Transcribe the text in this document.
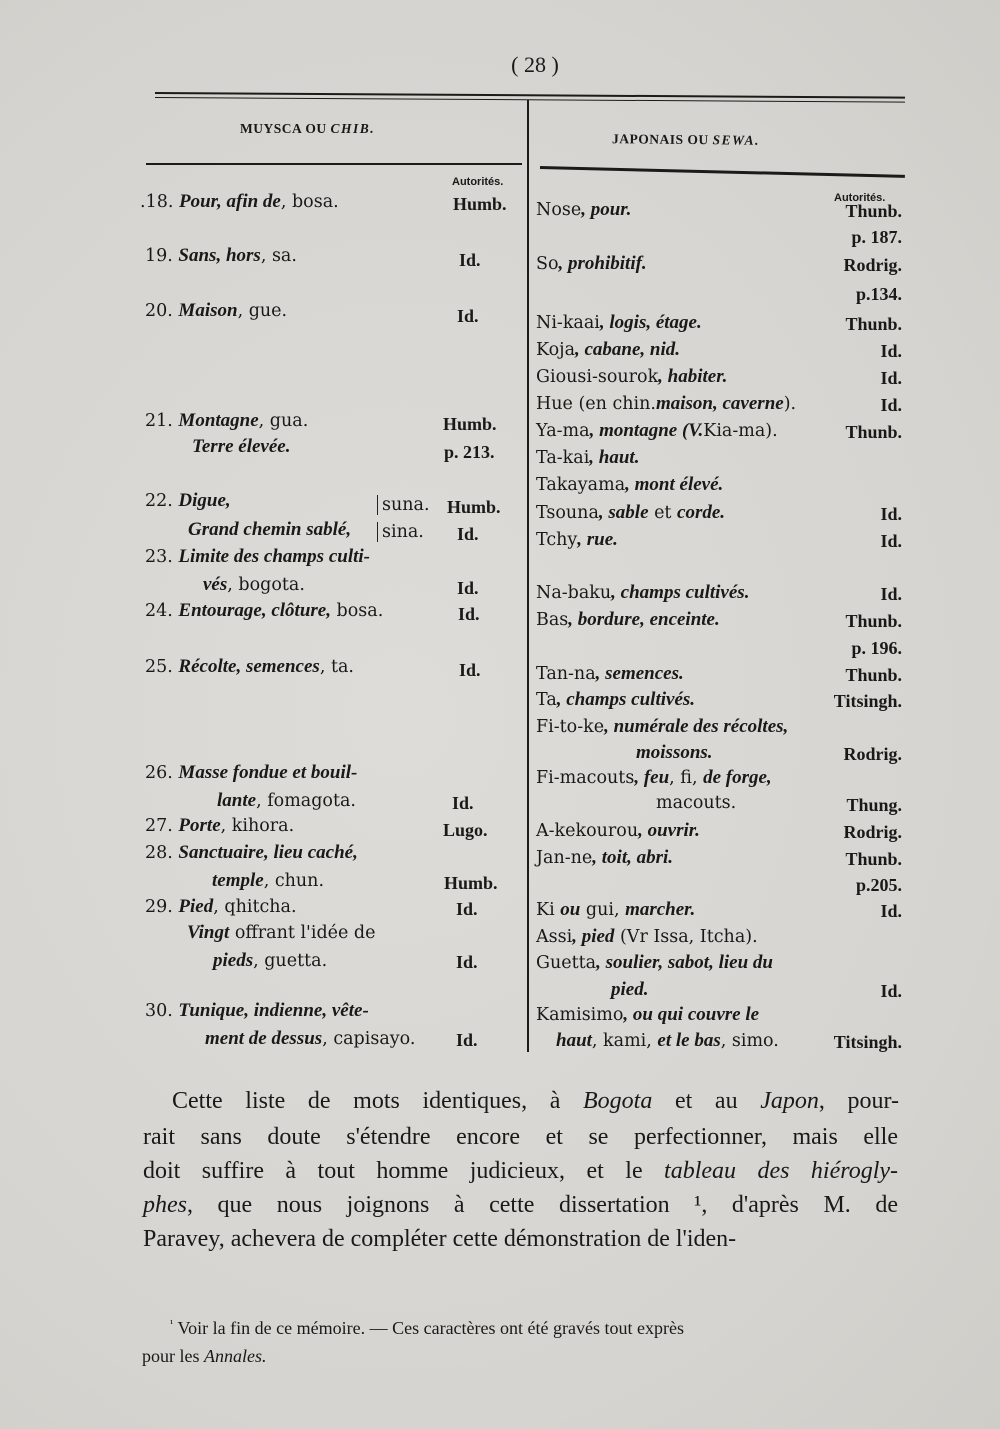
( 28 )
MUYSCA OU CHIB.
JAPONAIS OU SEWA.
Autorités.
Autorités.
.18. Pour, afin de, bosa.	Humb.
19. Sans, hors, sa.	Id.
20. Maison, gue.	Id.
21. Montagne, gua.	Humb.
Terre élevée.	p. 213.
22. Digue,	suna. Humb.
Grand chemin sablé, sina. Id.
23. Limite des champs culti-
vés, bogota.	Id.
24. Entourage, clôture, bosa.	Id.
25. Récolte, semences, ta.	Id.
26. Masse fondue et bouil-
lante, fomagota.	Id.
27. Porte, kihora.	Lugo.
28. Sanctuaire, lieu caché,
temple, chun.	Humb.
29. Pied, qhitcha.	Id.
Vingt offrant l'idée de
pieds, guetta.	Id.
30. Tunique, indienne, vête-
ment de dessus, capisayo. Id.
Nose, pour.	Thunb.
p. 187.
So, prohibitif.	Rodrig.
p.134.
Ni-kaai, logis, étage.	Thunb.
Koja, cabane, nid.	Id.
Giousi-sourok, habiter.	Id.
Hue (en chin.maison, caverne).	Id.
Ya-ma, montagne (V.Kia-ma).	Thunb.
Ta-kai, haut.
Takayama, mont élevé.
Tsouna, sable et corde.	Id.
Tchy, rue.	Id.
Na-baku, champs cultivés.	Id.
Bas, bordure, enceinte.	Thunb.
p. 196.
Tan-na, semences.	Thunb.
Ta, champs cultivés.	Titsingh.
Fi-to-ke, numérale des récoltes,
moissons.	Rodrig.
Fi-macouts, feu, fi, de forge,
macouts.	Thung.
A-kekourou, ouvrir.	Rodrig.
Jan-ne, toit, abri.	Thunb.
p.205.
Ki ou gui, marcher.	Id.
Assi, pied (Vr Issa, Itcha).
Guetta, soulier, sabot, lieu du
pied.	Id.
Kamisimo, ou qui couvre le
haut, kami, et le bas, simo.	Titsingh.
Cette liste de mots identiques, à Bogota et au Japon, pour-
rait sans doute s'étendre encore et se perfectionner, mais elle
doit suffire à tout homme judicieux, et le tableau des hiérogly-
phes, que nous joignons à cette dissertation ¹, d'après M. de
Paravey, achevera de compléter cette démonstration de l'iden-
$^{^1}$ Voir la fin de ce mémoire. — Ces caractères ont été gravés tout exprès
pour les Annales.
